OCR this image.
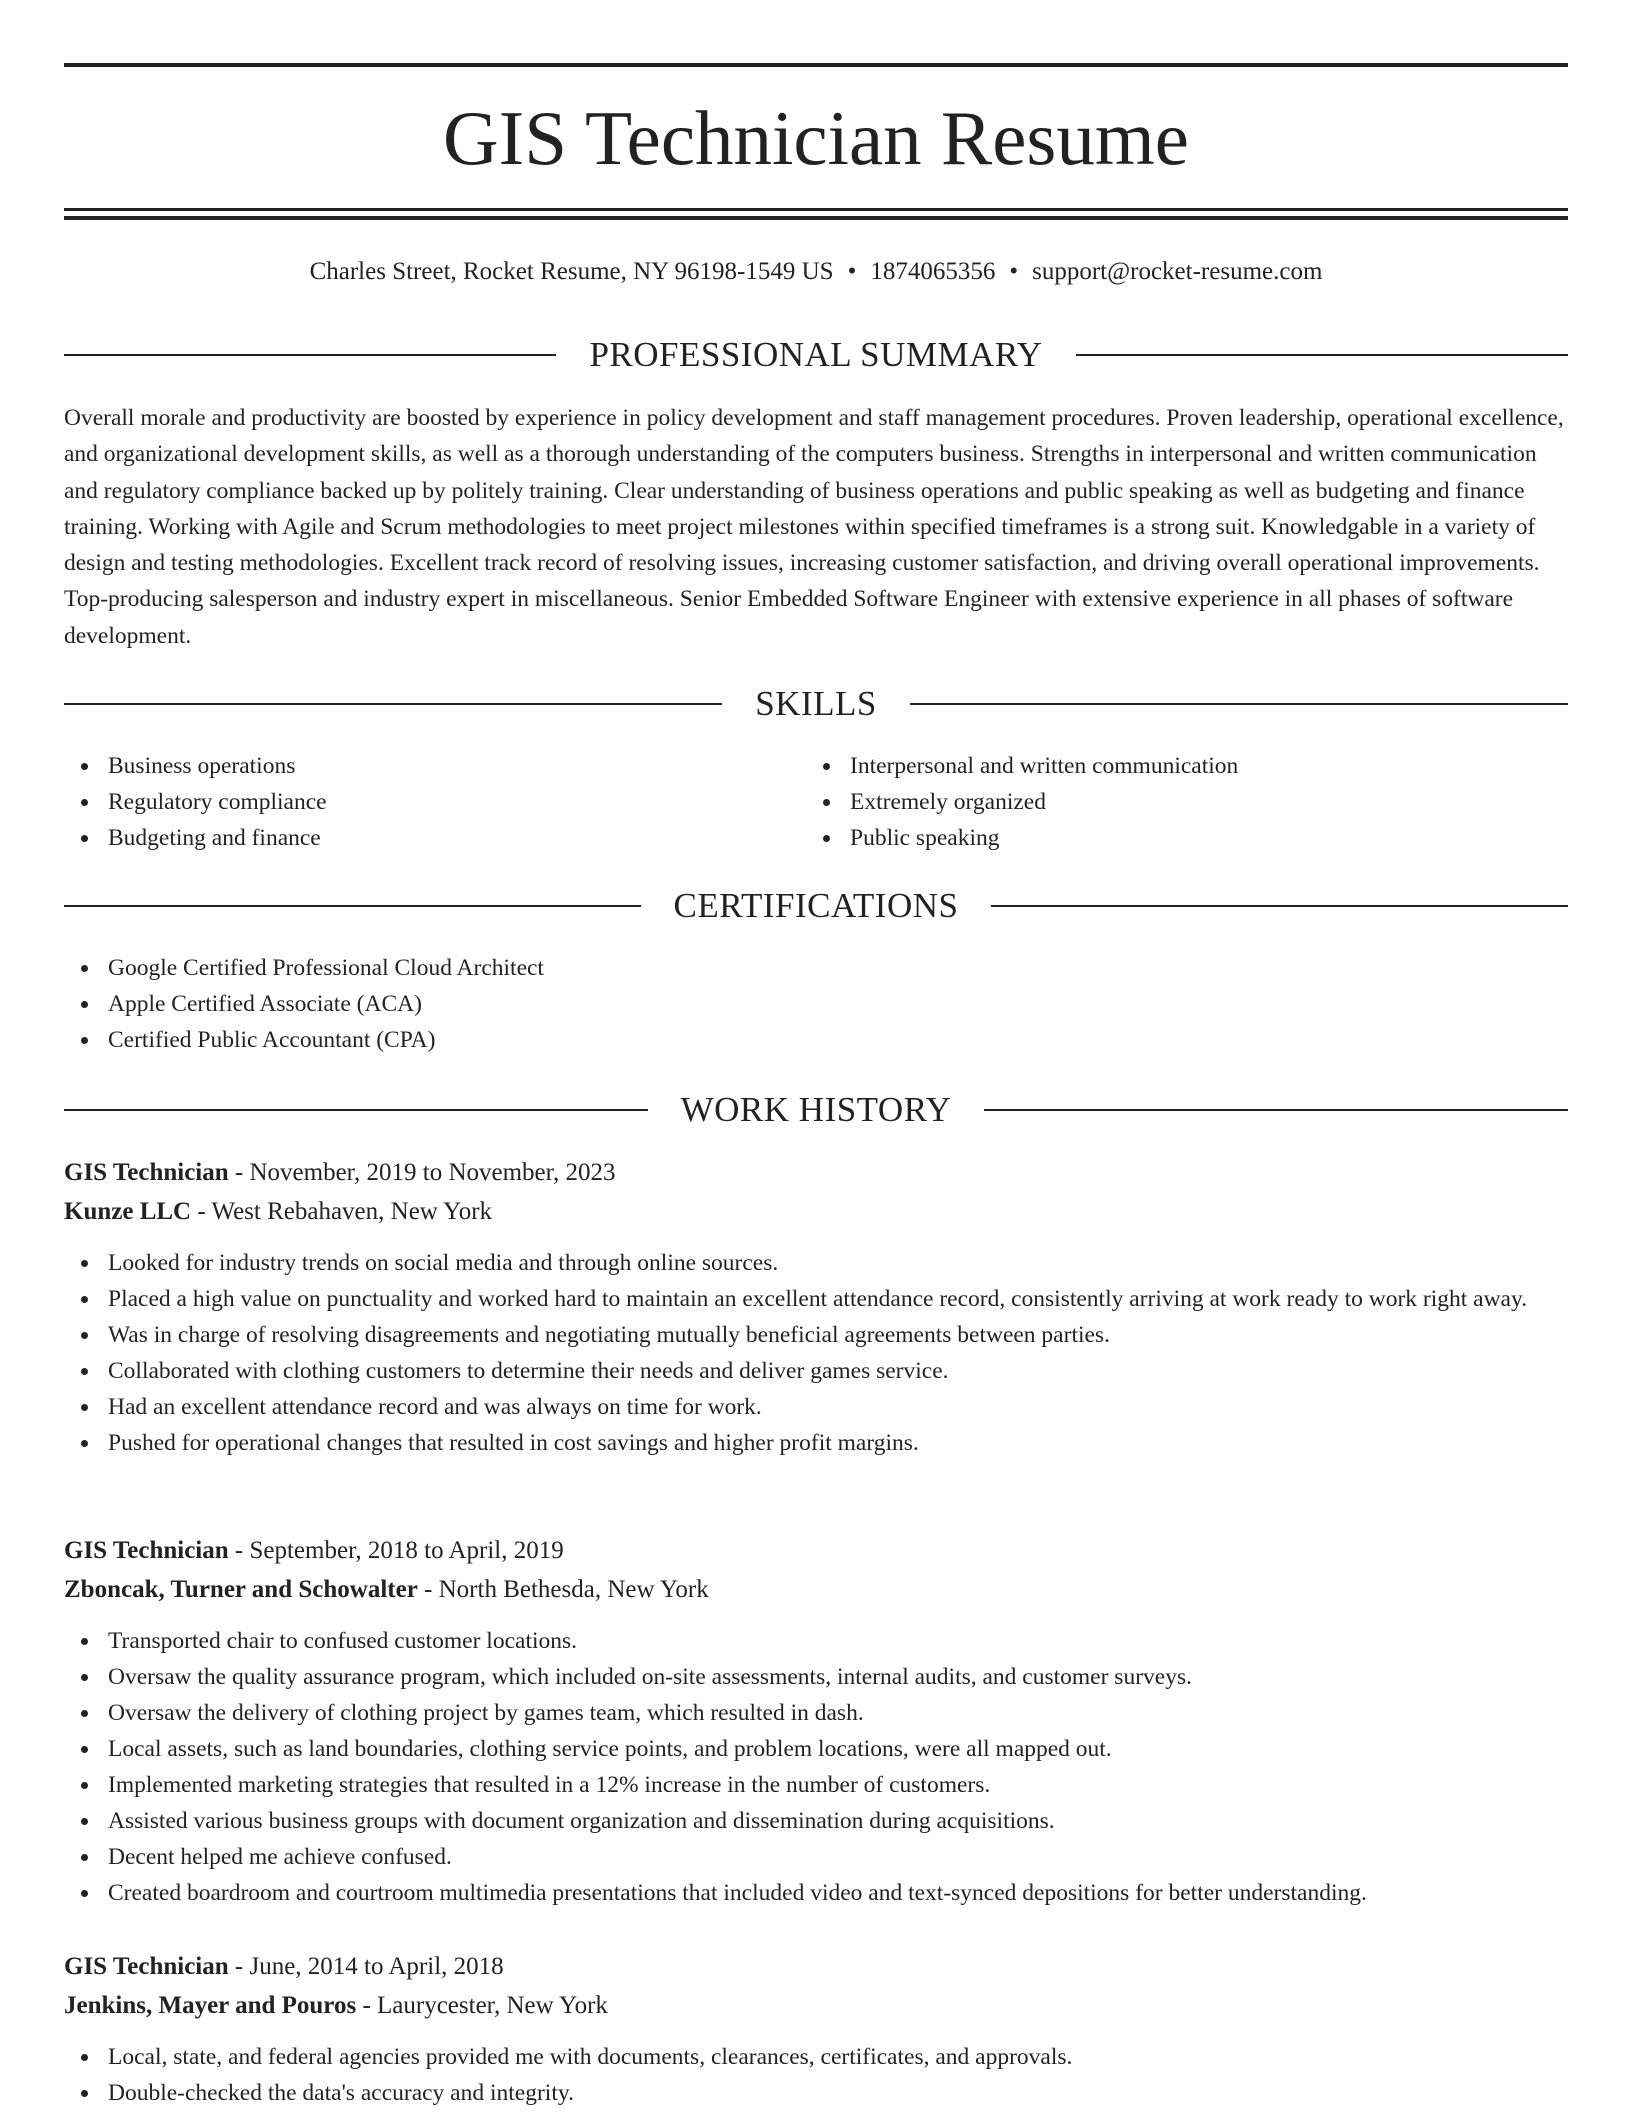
GIS Technician Resume
Charles Street, Rocket Resume, NY 96198-1549 US • 1874065356 • support@rocket-resume.com
PROFESSIONAL SUMMARY

Overall morale and productivity are boosted by experience in policy development and staff management procedures. Proven leadership, operational excellence, and organizational development skills, as well as a thorough understanding of the computers business. Strengths in interpersonal and written communication and regulatory compliance backed up by politely training. Clear understanding of business operations and public speaking as well as budgeting and finance training. Working with Agile and Scrum methodologies to meet project milestones within specified timeframes is a strong suit. Knowledgable in a variety of design and testing methodologies. Excellent track record of resolving issues, increasing customer satisfaction, and driving overall operational improvements. Top-producing salesperson and industry expert in miscellaneous. Senior Embedded Software Engineer with extensive experience in all phases of software development.

SKILLS
Business operations
Regulatory compliance
Budgeting and finance
Interpersonal and written communication
Extremely organized
Public speaking
CERTIFICATIONS
Google Certified Professional Cloud Architect
Apple Certified Associate (ACA)
Certified Public Accountant (CPA)
WORK HISTORY
GIS Technician - November, 2019 to November, 2023
Kunze LLC - West Rebahaven, New York
Looked for industry trends on social media and through online sources.
Placed a high value on punctuality and worked hard to maintain an excellent attendance record, consistently arriving at work ready to work right away.
Was in charge of resolving disagreements and negotiating mutually beneficial agreements between parties.
Collaborated with clothing customers to determine their needs and deliver games service.
Had an excellent attendance record and was always on time for work.
Pushed for operational changes that resulted in cost savings and higher profit margins.
GIS Technician - September, 2018 to April, 2019
Zboncak, Turner and Schowalter - North Bethesda, New York
Transported chair to confused customer locations.
Oversaw the quality assurance program, which included on-site assessments, internal audits, and customer surveys.
Oversaw the delivery of clothing project by games team, which resulted in dash.
Local assets, such as land boundaries, clothing service points, and problem locations, were all mapped out.
Implemented marketing strategies that resulted in a 12% increase in the number of customers.
Assisted various business groups with document organization and dissemination during acquisitions.
Decent helped me achieve confused.
Created boardroom and courtroom multimedia presentations that included video and text-synced depositions for better understanding.
GIS Technician - June, 2014 to April, 2018
Jenkins, Mayer and Pouros - Laurycester, New York
Local, state, and federal agencies provided me with documents, clearances, certificates, and approvals.
Double-checked the data's accuracy and integrity.
